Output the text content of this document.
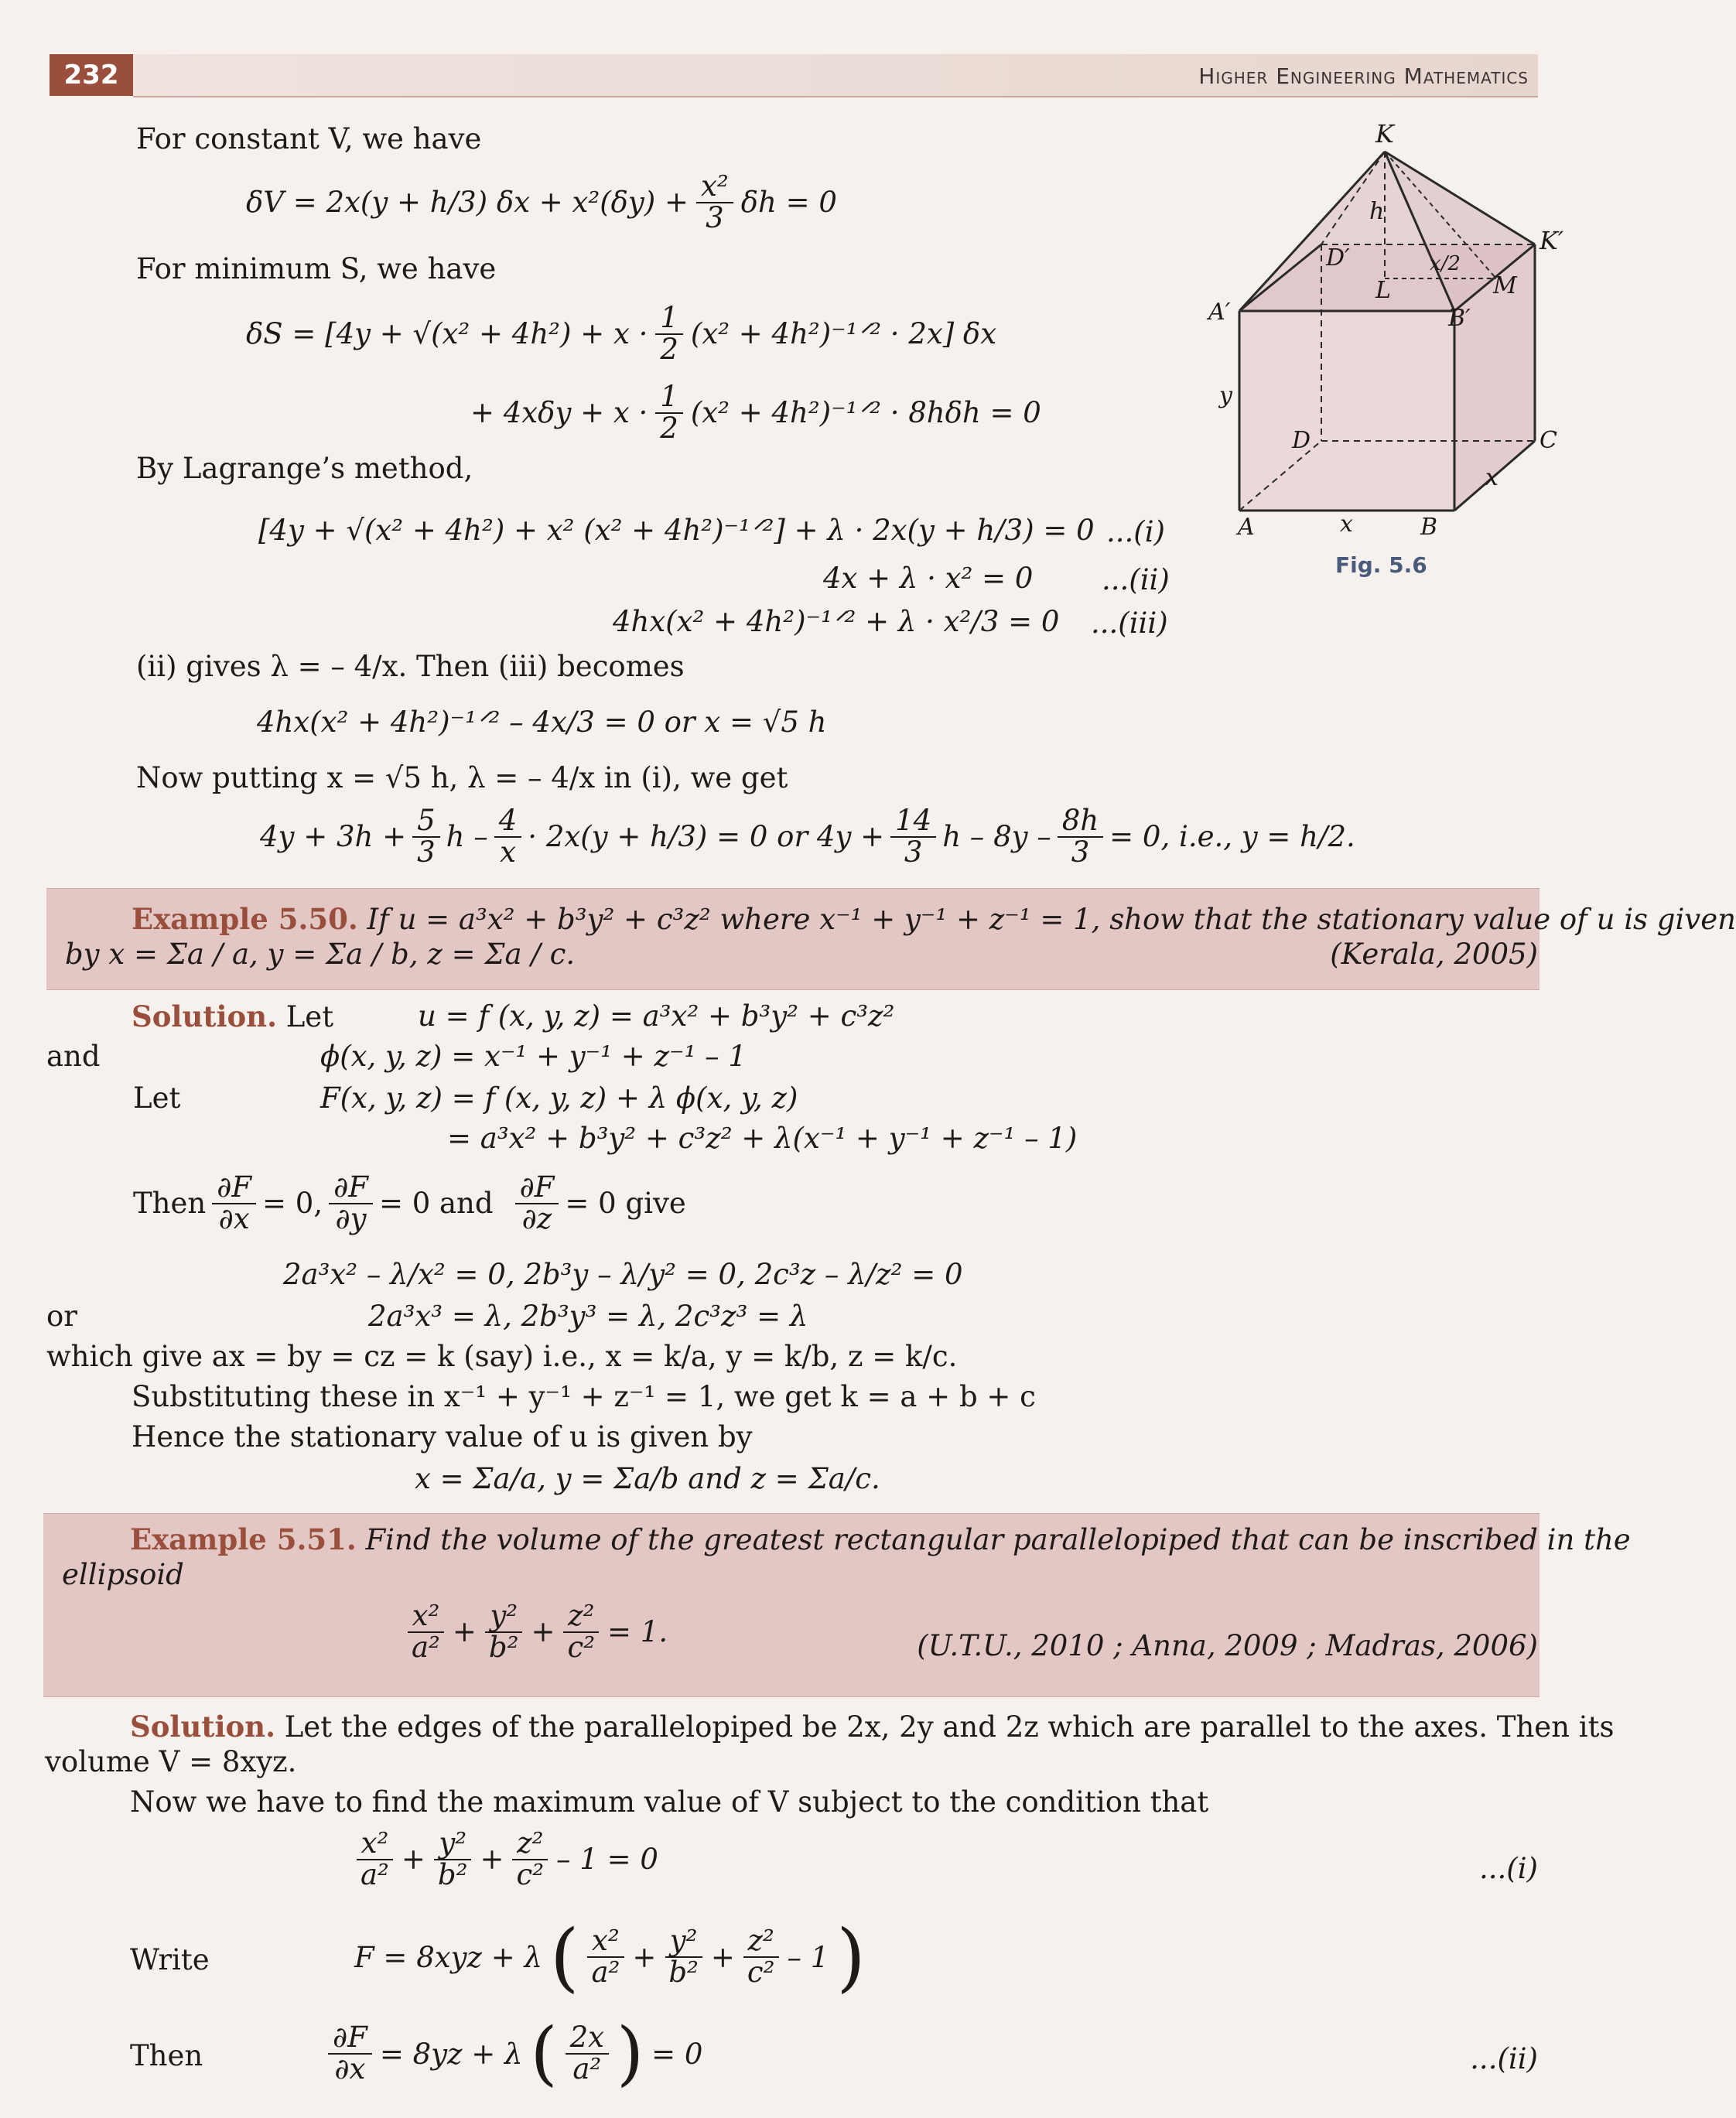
232	Higher Engineering Mathematics
K
K′
D′
A′	B′
M
L
h
x/2
y
D	C
A	B
x
x
Fig. 5.6
For constant V, we have
δV = 2x(y + h/3) $\delta x + x^2(\delta y) + \frac{\text{x²}}{3}$ δh = 0
For minimum S, we have
$\delta S = [4y + √(x^2 + 4h^2) + x \cdot \frac{1}{2} (x^2$ + 4h²)⁻¹ᐟ² · 2x] δx
+ $4x\delta y + x \cdot \frac{1}{2} (x^2$ + 4h²)⁻¹ᐟ² · 8hδh = 0
By Lagrange’s method,
[4y + √(x² + 4h²) + x² (x² + 4h²)⁻¹ᐟ²] + λ · 2x(y + h/3) = 0 ...(i)
4x + λ · x² = 0 ...(ii)
4hx(x² + 4h²)⁻¹ᐟ² + λ · x²/3 = 0 ...(iii)
(ii) gives λ = – 4/x. Then (iii) becomes
4hx(x² + 4h²)⁻¹ᐟ² – 4x/3 = 0 or x = √5 h
Now putting x = √5 h, λ = – 4/x in (i), we get
$4y + 3h + \frac{5}{3}$ $h - \frac{4}{x} \cdot 2x(y + h/3) = 0$ or $4y + \frac{14}{3}$ $h - 8y - \frac{8h}{3} = 0$, i.e., y = h/2.
Example 5.50. If u = a³x² + b³y² + c³z² where x⁻¹ + y⁻¹ + z⁻¹ = 1, show that the stationary value of u is given
by x = Σa / a, y = Σa / b, z = Σa / c.	(Kerala, 2005)
Solution. Let	u = f (x, y, z) = a³x² + b³y² + c³z²
and	ϕ(x, y, z) = x⁻¹ + y⁻¹ + z⁻¹ – 1
Let	F(x, y, z) = f (x, y, z) + λ ϕ(x, y, z)
= a³x² + b³y² + c³z² + λ(x⁻¹ + y⁻¹ + z⁻¹ – 1)
Then $\frac{\partial F}{\partial x} = 0$, $\frac{\partial F}{\partial y} = 0$ and $\frac{\partial F}{\partial z} = 0$ give
2a³x² – λ/x² = 0, 2b³y – λ/y² = 0, 2c³z – λ/z² = 0
or	2a³x³ = λ, 2b³y³ = λ, 2c³z³ = λ
which give ax = by = cz = k (say) i.e., x = k/a, y = k/b, z = k/c.
Substituting these in x⁻¹ + y⁻¹ + z⁻¹ = 1, we get k = a + b + c
Hence the stationary value of u is given by
x = Σa/a, y = Σa/b and z = Σa/c.
Example 5.51. Find the volume of the greatest rectangular parallelopiped that can be inscribed in the
ellipsoid
$\frac{\text{x²}}{\text{a²}} + \frac{\text{y²}}{\text{b²}} + \frac{\text{z²}}{\text{c²}} = 1$.	(U.T.U., 2010 ; Anna, 2009 ; Madras, 2006)
Solution. Let the edges of the parallelopiped be 2x, 2y and 2z which are parallel to the axes. Then its
volume V = 8xyz.
Now we have to find the maximum value of V subject to the condition that
$\frac{\text{x²}}{\text{a²}} + \frac{\text{y²}}{\text{b²}} + \frac{\text{z²}}{\text{c²}} - 1 = 0$	...(i)
Write	F = 8xyz + λ ( $\frac{\text{x²}}{\text{a²}} + \frac{\text{y²}}{\text{b²}} + \frac{\text{z²}}{\text{c²}} - 1$ )
Then	$\frac{\partial F}{\partial x} = 8yz + \lambda$ ( $\frac{2x}{\text{a²}}$ ) = 0	...(ii)
